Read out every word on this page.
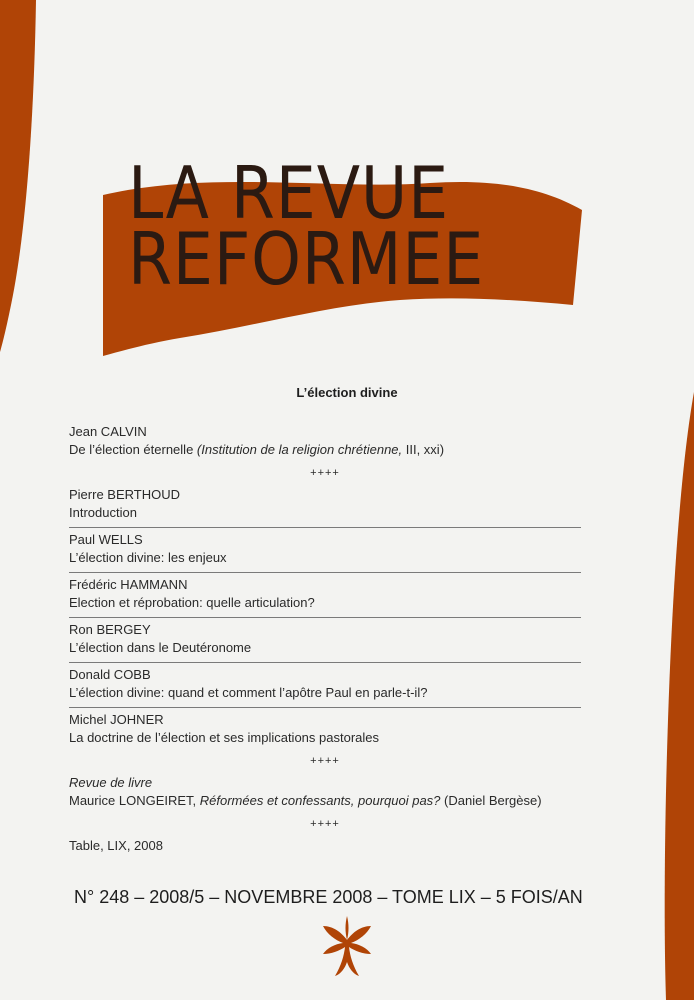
LA REVUE
REFORMEE
L’élection divine
Jean CALVIN
De l’élection éternelle (Institution de la religion chrétienne, III, xxi)
++++
Pierre BERTHOUD
Introduction
Paul WELLS
L’élection divine: les enjeux
Frédéric HAMMANN
Election et réprobation: quelle articulation?
Ron BERGEY
L’élection dans le Deutéronome
Donald COBB
L’élection divine: quand et comment l’apôtre Paul en parle-t-il?
Michel JOHNER
La doctrine de l’élection et ses implications pastorales
++++
Revue de livre
Maurice LONGEIRET, Réformées et confessants, pourquoi pas? (Daniel Bergèse)
++++
Table, LIX, 2008
N° 248 – 2008/5 – NOVEMBRE 2008 – TOME LIX – 5 FOIS/AN
